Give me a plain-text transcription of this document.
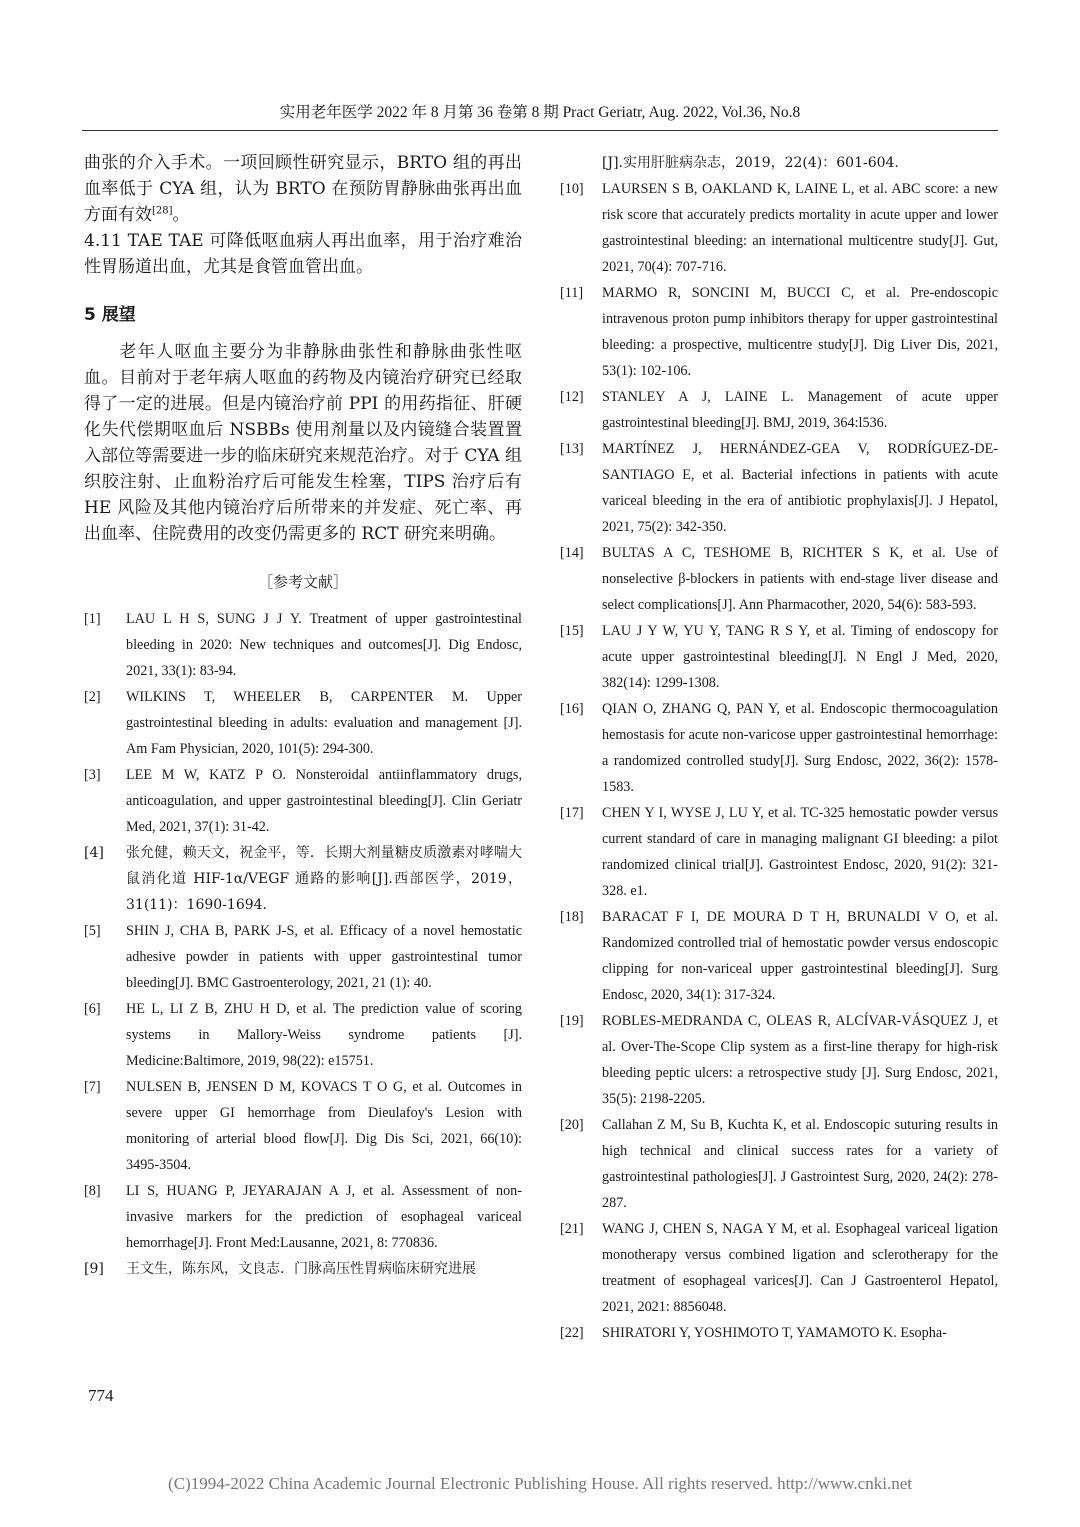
实用老年医学 2022 年 8 月第 36 卷第 8 期 Pract Geriatr, Aug. 2022, Vol.36, No.8

曲张的介入手术。一项回顾性研究显示，BRTO 组的再出血率低于 CYA 组，认为 BRTO 在预防胃静脉曲张再出血方面有效[28]。

4.11 TAE TAE 可降低呕血病人再出血率，用于治疗难治性胃肠道出血，尤其是食管血管出血。

5 展望

老年人呕血主要分为非静脉曲张性和静脉曲张性呕血。目前对于老年病人呕血的药物及内镜治疗研究已经取得了一定的进展。但是内镜治疗前 PPI 的用药指征、肝硬化失代偿期呕血后 NSBBs 使用剂量以及内镜缝合装置置入部位等需要进一步的临床研究来规范治疗。对于 CYA 组织胶注射、止血粉治疗后可能发生栓塞，TIPS 治疗后有 HE 风险及其他内镜治疗后所带来的并发症、死亡率、再出血率、住院费用的改变仍需更多的 RCT 研究来明确。

［参考文献］
[1]	LAU L H S, SUNG J J Y. Treatment of upper gastrointestinal bleeding in 2020: New techniques and outcomes[J]. Dig Endosc, 2021, 33(1): 83-94.
[2]	WILKINS T, WHEELER B, CARPENTER M. Upper gastrointestinal bleeding in adults: evaluation and management [J]. Am Fam Physician, 2020, 101(5): 294-300.
[3]	LEE M W, KATZ P O. Nonsteroidal antiinflammatory drugs, anticoagulation, and upper gastrointestinal bleeding[J]. Clin Geriatr Med, 2021, 37(1): 31-42.
[4]	张允健，赖天文，祝金平，等．长期大剂量糖皮质激素对哮喘大鼠消化道 HIF-1α/VEGF 通路的影响[J].西部医学，2019，31(11)：1690-1694.
[5]	SHIN J, CHA B, PARK J-S, et al. Efficacy of a novel hemostatic adhesive powder in patients with upper gastrointestinal tumor bleeding[J]. BMC Gastroenterology, 2021, 21 (1): 40.
[6]	HE L, LI Z B, ZHU H D, et al. The prediction value of scoring systems in Mallory-Weiss syndrome patients [J]. Medicine:Baltimore, 2019, 98(22): e15751.
[7]	NULSEN B, JENSEN D M, KOVACS T O G, et al. Outcomes in severe upper GI hemorrhage from Dieulafoy's Lesion with monitoring of arterial blood flow[J]. Dig Dis Sci, 2021, 66(10): 3495-3504.
[8]	LI S, HUANG P, JEYARAJAN A J, et al. Assessment of non-invasive markers for the prediction of esophageal variceal hemorrhage[J]. Front Med:Lausanne, 2021, 8: 770836.
[9]	王文生，陈东风，文良志．门脉高压性胃病临床研究进展
[J].实用肝脏病杂志，2019，22(4)：601-604.
[10]	LAURSEN S B, OAKLAND K, LAINE L, et al. ABC score: a new risk score that accurately predicts mortality in acute upper and lower gastrointestinal bleeding: an international multicentre study[J]. Gut, 2021, 70(4): 707-716.
[11]	MARMO R, SONCINI M, BUCCI C, et al. Pre-endoscopic intravenous proton pump inhibitors therapy for upper gastrointestinal bleeding: a prospective, multicentre study[J]. Dig Liver Dis, 2021, 53(1): 102-106.
[12]	STANLEY A J, LAINE L. Management of acute upper gastrointestinal bleeding[J]. BMJ, 2019, 364:l536.
[13]	MARTÍNEZ J, HERNÁNDEZ-GEA V, RODRÍGUEZ-DE-SANTIAGO E, et al. Bacterial infections in patients with acute variceal bleeding in the era of antibiotic prophylaxis[J]. J Hepatol, 2021, 75(2): 342-350.
[14]	BULTAS A C, TESHOME B, RICHTER S K, et al. Use of nonselective β-blockers in patients with end-stage liver disease and select complications[J]. Ann Pharmacother, 2020, 54(6): 583-593.
[15]	LAU J Y W, YU Y, TANG R S Y, et al. Timing of endoscopy for acute upper gastrointestinal bleeding[J]. N Engl J Med, 2020, 382(14): 1299-1308.
[16]	QIAN O, ZHANG Q, PAN Y, et al. Endoscopic thermocoagulation hemostasis for acute non-varicose upper gastrointestinal hemorrhage: a randomized controlled study[J]. Surg Endosc, 2022, 36(2): 1578-1583.
[17]	CHEN Y I, WYSE J, LU Y, et al. TC-325 hemostatic powder versus current standard of care in managing malignant GI bleeding: a pilot randomized clinical trial[J]. Gastrointest Endosc, 2020, 91(2): 321-328. e1.
[18]	BARACAT F I, DE MOURA D T H, BRUNALDI V O, et al. Randomized controlled trial of hemostatic powder versus endoscopic clipping for non-variceal upper gastrointestinal bleeding[J]. Surg Endosc, 2020, 34(1): 317-324.
[19]	ROBLES-MEDRANDA C, OLEAS R, ALCÍVAR-VÁSQUEZ J, et al. Over-The-Scope Clip system as a first-line therapy for high-risk bleeding peptic ulcers: a retrospective study [J]. Surg Endosc, 2021, 35(5): 2198-2205.
[20]	Callahan Z M, Su B, Kuchta K, et al. Endoscopic suturing results in high technical and clinical success rates for a variety of gastrointestinal pathologies[J]. J Gastrointest Surg, 2020, 24(2): 278-287.
[21]	WANG J, CHEN S, NAGA Y M, et al. Esophageal variceal ligation monotherapy versus combined ligation and sclerotherapy for the treatment of esophageal varices[J]. Can J Gastroenterol Hepatol, 2021, 2021: 8856048.
[22]	SHIRATORI Y, YOSHIMOTO T, YAMAMOTO K. Esopha-
774
(C)1994-2022 China Academic Journal Electronic Publishing House. All rights reserved. http://www.cnki.net
